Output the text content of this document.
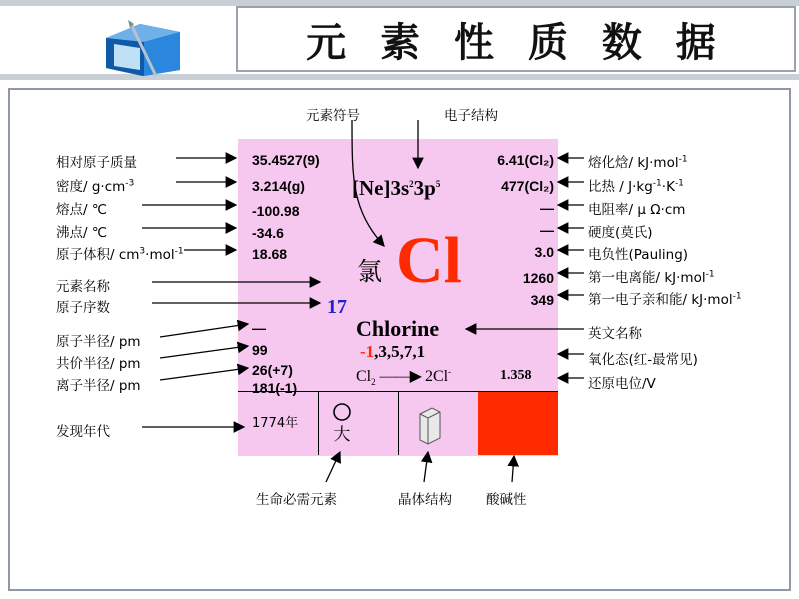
元 素 性 质 数 据
35.4527(9)
3.214(g)
-100.98
-34.6
18.68
—
99
26(+7)
181(-1)
6.41(Cl₂)
477(Cl₂)
—
—
3.0
1260
349
$[Ne]3s^23p^5$
Cl
氯
17
Chlorine
-1,3,5,7,1
$Cl_2$ ——▶ 2Cl-	1.358
1774年
大
相对原子质量
密度/ $g\cdot cm^{-3}$
熔点/ ℃
沸点/ ℃
原子体积/ $cm^3\cdot mol^{-1}$
元素名称
原子序数
原子半径/ pm
共价半径/ pm
离子半径/ pm
发现年代
熔化焓/ kJ·mol$^{-1}$
比热 / $J\cdot kg^{-1}\cdot K^{-1}$
电阻率/ μ Ω·cm
硬度(莫氏)
电负性(Pauling)
第一电离能/ kJ·mol$^{-1}$
第一电子亲和能/ kJ·mol$^{-1}$
英文名称
氧化态(红-最常见)
还原电位/V
元素符号	电子结构
生命必需元素	晶体结构	酸碱性
